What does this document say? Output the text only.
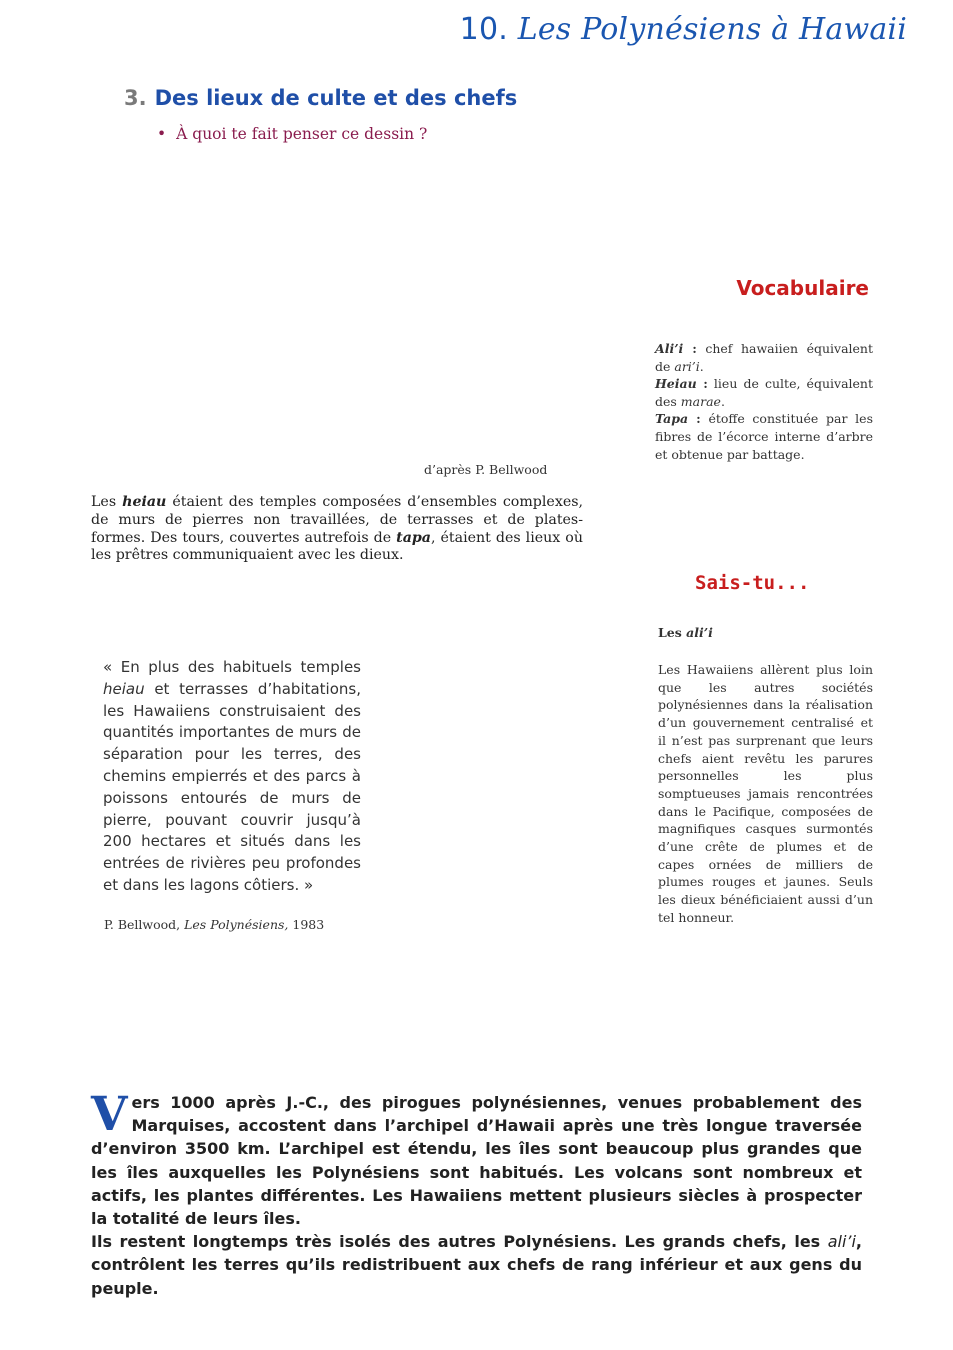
10. Les Polynésiens à Hawaii
3. Des lieux de culte et des chefs
• À quoi te fait penser ce dessin ?
Vocabulaire

Ali’i : chef hawaiien équivalent de ari’i.

Heiau : lieu de culte, équivalent des marae.

Tapa : étoffe constituée par les fibres de l’écorce interne d’arbre et obtenue par battage.

d’après P. Bellwood
Les heiau étaient des temples composées d’ensembles complexes, de murs de pierres non travaillées, de terrasses et de plates-formes. Des tours, couvertes autrefois de tapa, étaient des lieux où les prêtres communiquaient avec les dieux.
Sais-tu...
Les ali’i
Les Hawaiiens allèrent plus loin que les autres sociétés polynésiennes dans la réalisation d’un gouvernement centralisé et il n’est pas surprenant que leurs chefs aient revêtu les parures personnelles les plus somptueuses jamais rencontrées dans le Pacifique, composées de magnifiques casques surmontés d’une crête de plumes et de capes ornées de milliers de plumes rouges et jaunes. Seuls les dieux bénéficiaient aussi d’un tel honneur.
« En plus des habituels temples heiau et terrasses d’habitations, les Hawaiiens construisaient des quantités importantes de murs de séparation pour les terres, des chemins empierrés et des parcs à poissons entourés de murs de pierre, pouvant couvrir jusqu’à 200 hectares et situés dans les entrées de rivières peu profondes et dans les lagons côtiers. »
P. Bellwood, Les Polynésiens, 1983

Vers 1000 après J.-C., des pirogues polynésiennes, venues probablement des Marquises, accostent dans l’archipel d’Hawaii après une très longue traversée d’environ 3500 km. L’archipel est étendu, les îles sont beaucoup plus grandes que les îles auxquelles les Polynésiens sont habitués. Les volcans sont nombreux et actifs, les plantes différentes. Les Hawaiiens mettent plusieurs siècles à prospecter la totalité de leurs îles.

Ils restent longtemps très isolés des autres Polynésiens. Les grands chefs, les ali’i, contrôlent les terres qu’ils redistribuent aux chefs de rang inférieur et aux gens du peuple.
